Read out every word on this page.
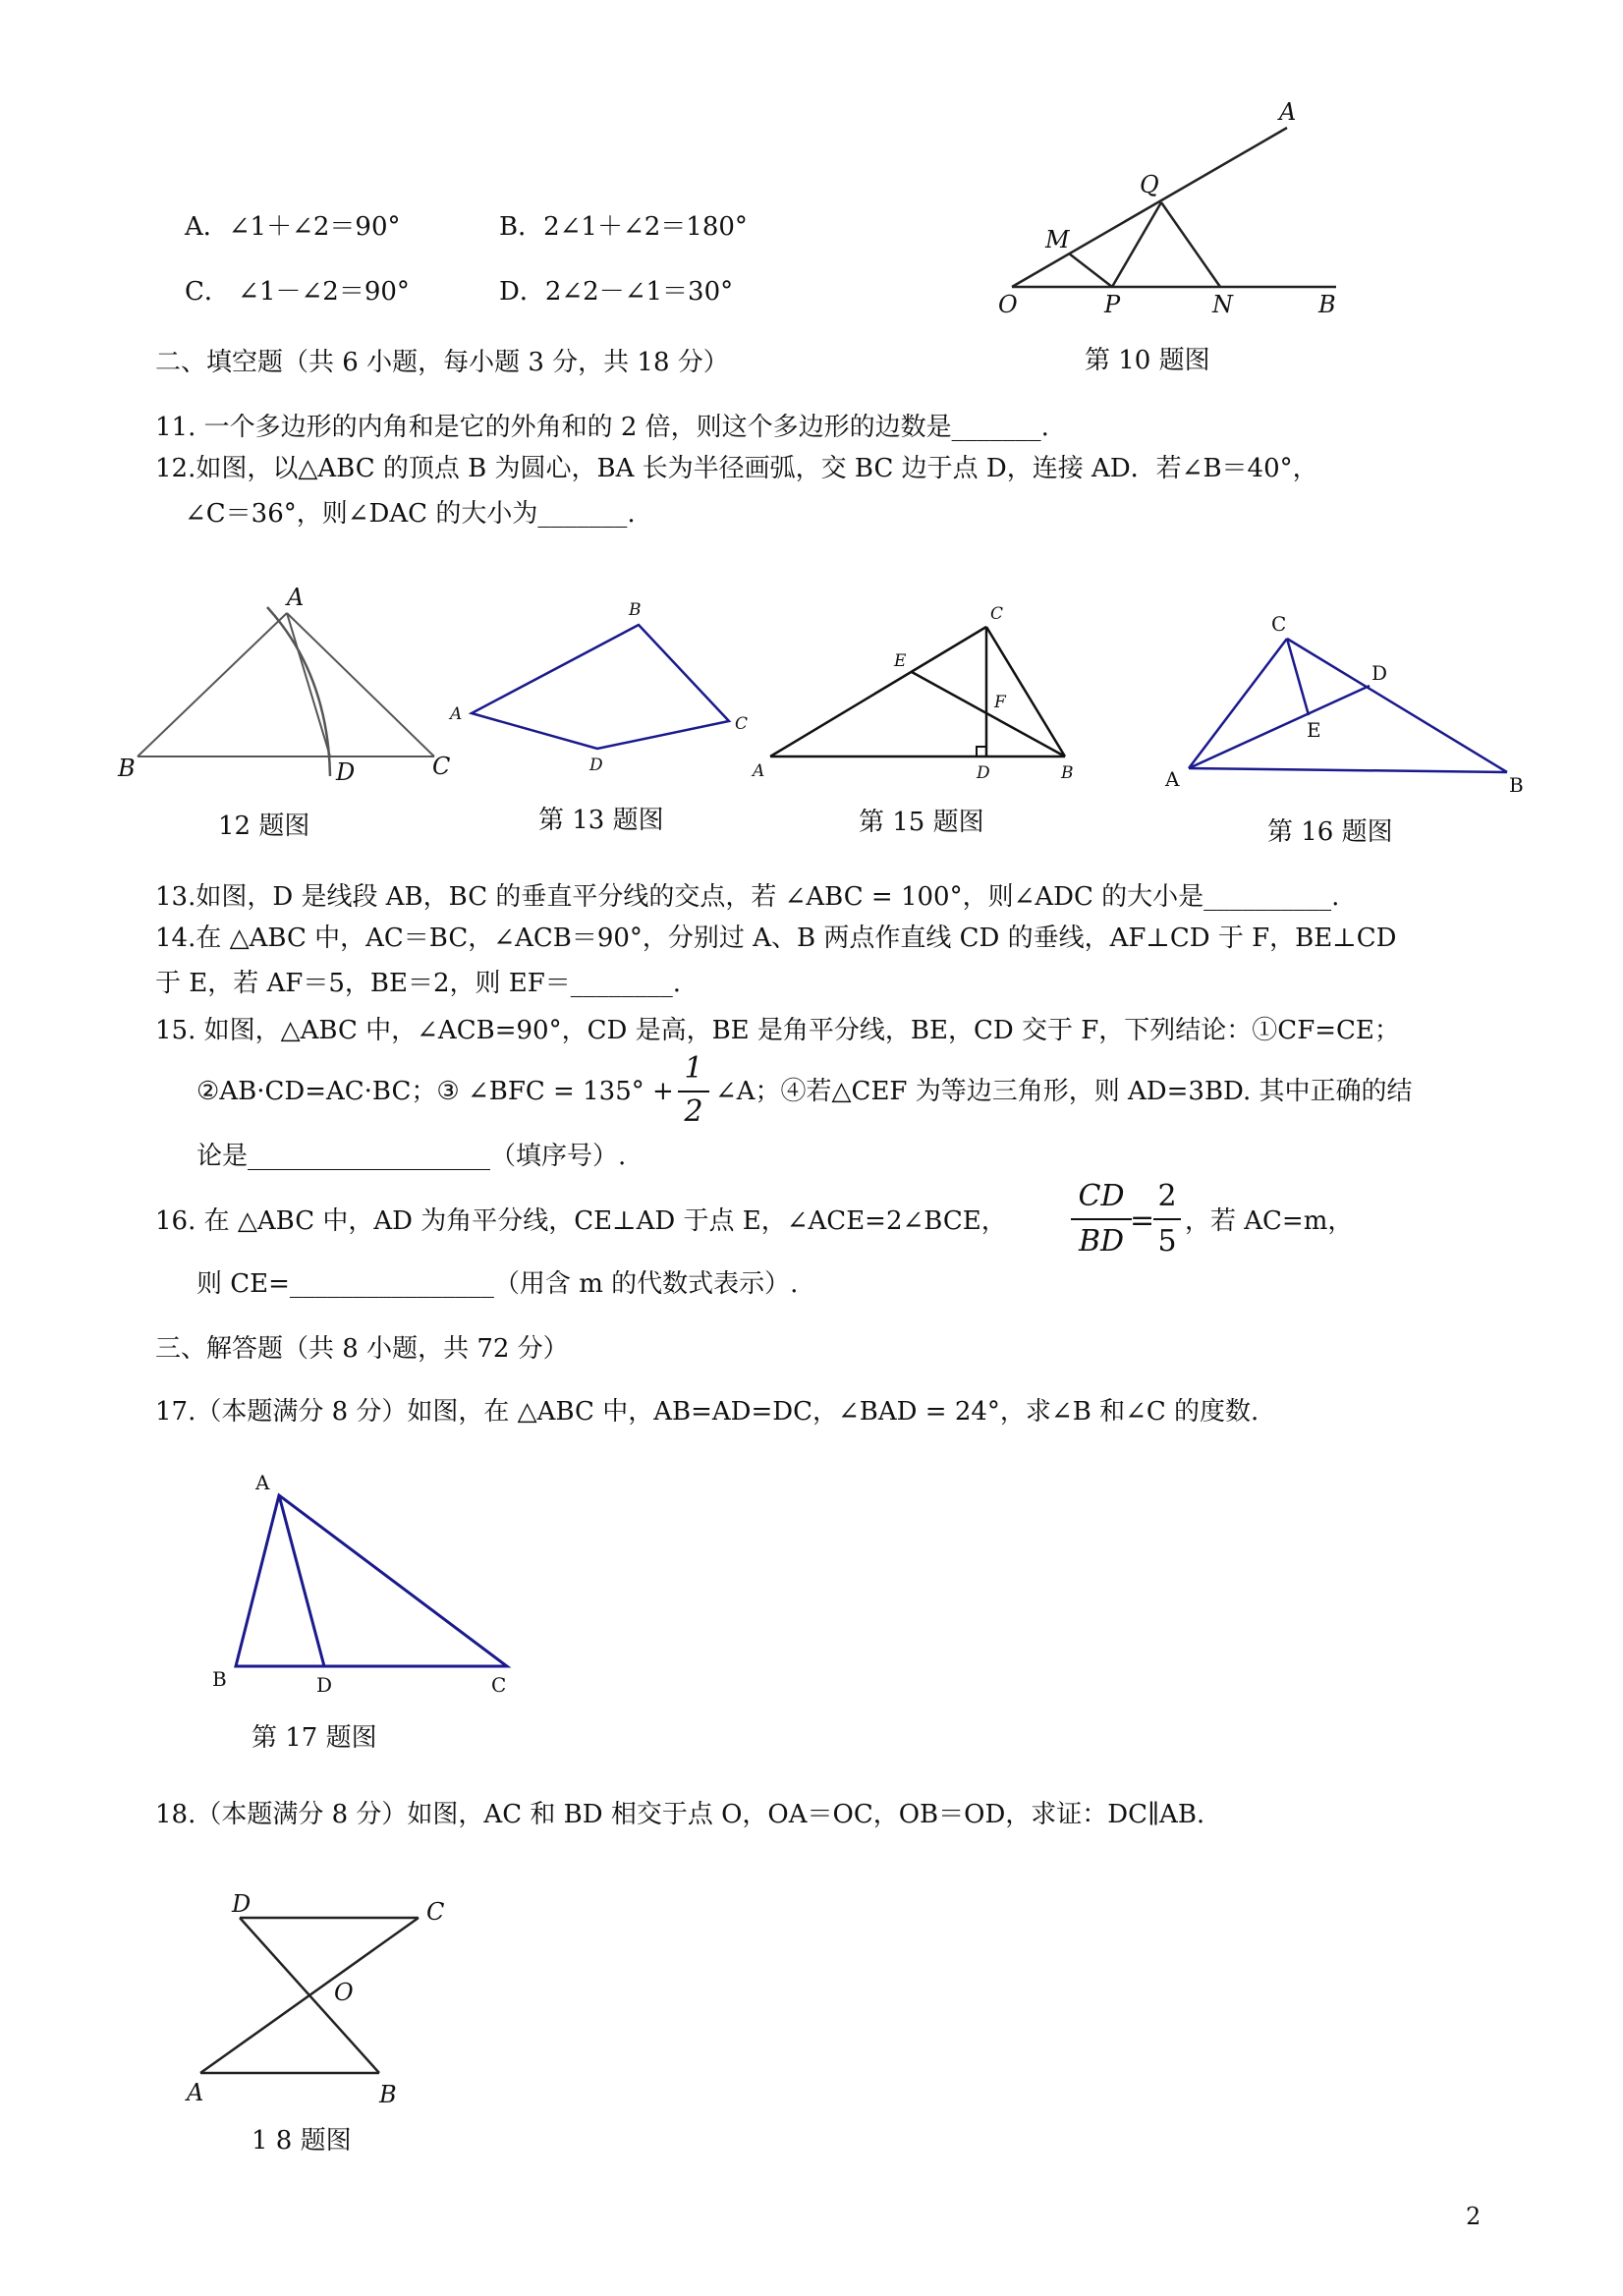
A．∠1＋∠2＝90°	B．2∠1＋∠2＝180°
C． ∠1－∠2＝90°	D．2∠2－∠1＝30°
A
Q
M
O	P	N	B
第 10 题图
二、填空题（共 6 小题，每小题 3 分，共 18 分）
11. 一个多边形的内角和是它的外角和的 2 倍，则这个多边形的边数是_______.
12.如图，以△ABC 的顶点 B 为圆心，BA 长为半径画弧，交 BC 边于点 D，连接 AD．若∠B＝40°，
∠C＝36°，则∠DAC 的大小为_______.
A
B	D	C
12 题图
B
A	C
D
第 13 题图
C
E
F
A	D	B
第 15 题图
C
D
E
A	B
第 16 题图
13.如图，D 是线段 AB，BC 的垂直平分线的交点，若 ∠ABC = 100°，则∠ADC 的大小是__________.
14.在 △ABC 中，AC＝BC，∠ACB＝90°，分别过 A、B 两点作直线 CD 的垂线，AF⊥CD 于 F，BE⊥CD
于 E，若 AF＝5，BE＝2，则 EF＝________.
15. 如图，△ABC 中，∠ACB=90°，CD 是高，BE 是角平分线，BE，CD 交于 F，下列结论：①CF=CE；
②AB·CD=AC·BC；③ ∠BFC = 135° +
1
2
∠A；④若△CEF 为等边三角形，则 AD=3BD. 其中正确的结
论是___________________（填序号）.
16. 在 △ABC 中，AD 为角平分线，CE⊥AD 于点 E，∠ACE=2∠BCE，
CD
BD
=
2
5
，若 AC=m，
则 CE=________________（用含 m 的代数式表示）.
三、解答题（共 8 小题，共 72 分）
17.（本题满分 8 分）如图，在 △ABC 中，AB=AD=DC，∠BAD = 24°，求∠B 和∠C 的度数.
A
B	D	C
第 17 题图
18.（本题满分 8 分）如图，AC 和 BD 相交于点 O，OA＝OC，OB＝OD，求证：DC∥AB.
D	C
O
A	B
1 8 题图
2
